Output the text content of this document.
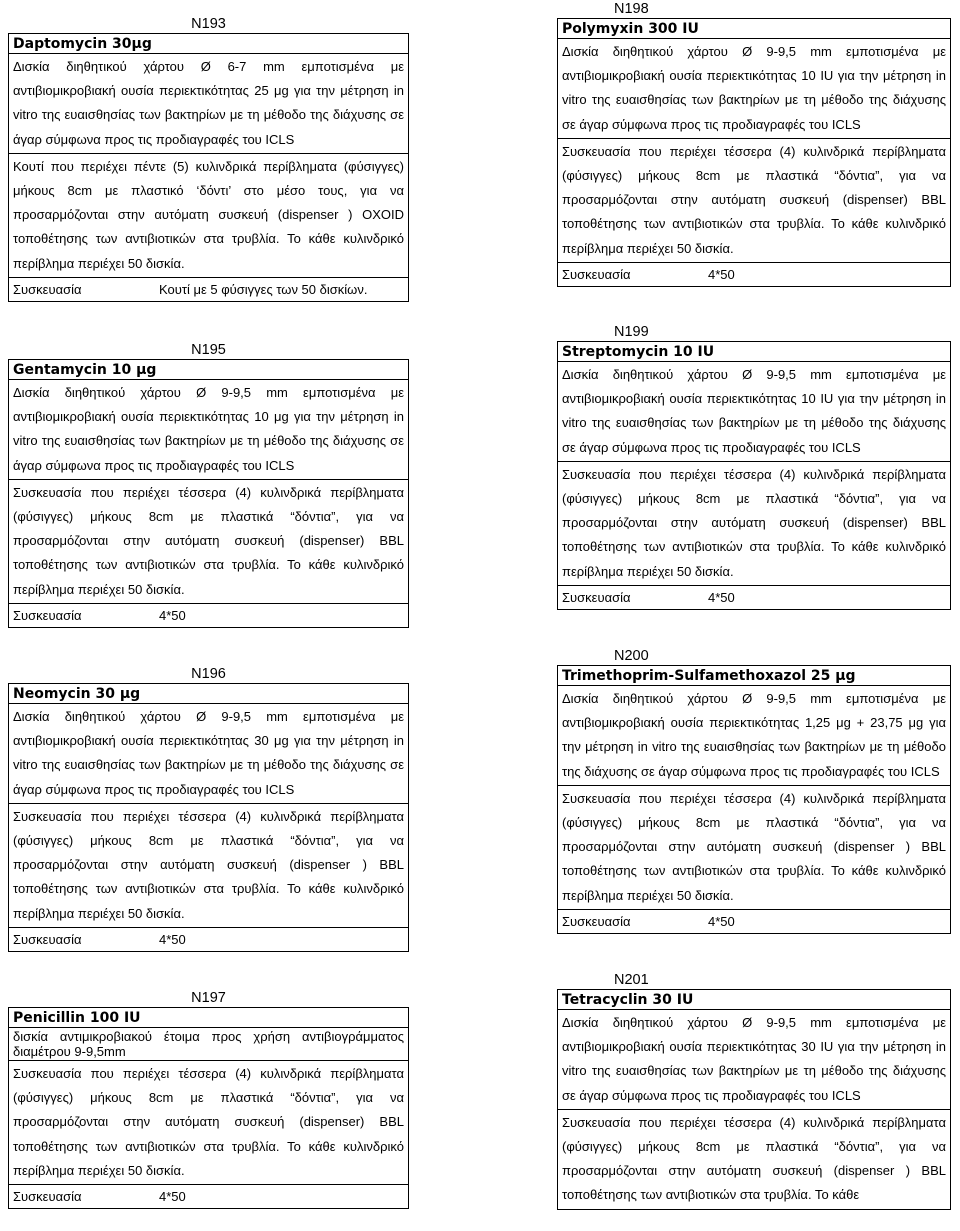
N193
Daptomycin 30μg
Δισκία διηθητικού χάρτου Ø 6-7 mm εμποτισμένα με αντιβιομικροβιακή ουσία περιεκτικότητας 25 μg για την μέτρηση in vitro της ευαισθησίας των βακτηρίων με τη μέθοδο της διάχυσης σε άγαρ σύμφωνα προς τις προδιαγραφές του ICLS
Κουτί που περιέχει πέντε (5) κυλινδρικά περίβληματα (φύσιγγες) μήκους 8cm με πλαστικό ‘δόντι’ στο μέσο τους, για να προσαρμόζονται στην αυτόματη συσκευή (dispenser ) OXOID τοποθέτησης των αντιβιοτικών στα τρυβλία. Το κάθε κυλινδρικό περίβλημα περιέχει 50 δισκία.
Συσκευασία	Κουτί με 5 φύσιγγες των 50 δισκίων.
N195
Gentamycin 10 μg
Δισκία διηθητικού χάρτου Ø 9-9,5 mm εμποτισμένα με αντιβιομικροβιακή ουσία περιεκτικότητας 10 μg για την μέτρηση in vitro της ευαισθησίας των βακτηρίων με τη μέθοδο της διάχυσης σε άγαρ σύμφωνα προς τις προδιαγραφές του ICLS
Συσκευασία που περιέχει τέσσερα (4) κυλινδρικά περίβληματα (φύσιγγες) μήκους 8cm με πλαστικά “δόντια”, για να προσαρμόζονται στην αυτόματη συσκευή (dispenser) BBL τοποθέτησης των αντιβιοτικών στα τρυβλία. Το κάθε κυλινδρικό περίβλημα περιέχει 50 δισκία.
Συσκευασία	4*50
N196
Neomycin 30 μg
Δισκία διηθητικού χάρτου Ø 9-9,5 mm εμποτισμένα με αντιβιομικροβιακή ουσία περιεκτικότητας 30 μg για την μέτρηση in vitro της ευαισθησίας των βακτηρίων με τη μέθοδο της διάχυσης σε άγαρ σύμφωνα προς τις προδιαγραφές του ICLS
Συσκευασία που περιέχει τέσσερα (4) κυλινδρικά περίβληματα (φύσιγγες) μήκους 8cm με πλαστικά “δόντια”, για να προσαρμόζονται στην αυτόματη συσκευή (dispenser ) BBL τοποθέτησης των αντιβιοτικών στα τρυβλία. Το κάθε κυλινδρικό περίβλημα περιέχει 50 δισκία.
Συσκευασία	4*50
N197
Penicillin 100 IU
δισκία αντιμικροβιακού έτοιμα προς χρήση αντιβιογράμματος διαμέτρου 9-9,5mm
Συσκευασία που περιέχει τέσσερα (4) κυλινδρικά περίβληματα (φύσιγγες) μήκους 8cm με πλαστικά “δόντια”, για να προσαρμόζονται στην αυτόματη συσκευή (dispenser) BBL τοποθέτησης των αντιβιοτικών στα τρυβλία. Το κάθε κυλινδρικό περίβλημα περιέχει 50 δισκία.
Συσκευασία	4*50
N198
Polymyxin 300 IU
Δισκία διηθητικού χάρτου Ø 9-9,5 mm εμποτισμένα με αντιβιομικροβιακή ουσία περιεκτικότητας 10 IU για την μέτρηση in vitro της ευαισθησίας των βακτηρίων με τη μέθοδο της διάχυσης σε άγαρ σύμφωνα προς τις προδιαγραφές του ICLS
Συσκευασία που περιέχει τέσσερα (4) κυλινδρικά περίβληματα (φύσιγγες) μήκους 8cm με πλαστικά “δόντια”, για να προσαρμόζονται στην αυτόματη συσκευή (dispenser) BBL τοποθέτησης των αντιβιοτικών στα τρυβλία. Το κάθε κυλινδρικό περίβλημα περιέχει 50 δισκία.
Συσκευασία	4*50
N199
Streptomycin 10 IU
Δισκία διηθητικού χάρτου Ø 9-9,5 mm εμποτισμένα με αντιβιομικροβιακή ουσία περιεκτικότητας 10 IU για την μέτρηση in vitro της ευαισθησίας των βακτηρίων με τη μέθοδο της διάχυσης σε άγαρ σύμφωνα προς τις προδιαγραφές του ICLS
Συσκευασία που περιέχει τέσσερα (4) κυλινδρικά περίβληματα (φύσιγγες) μήκους 8cm με πλαστικά “δόντια”, για να προσαρμόζονται στην αυτόματη συσκευή (dispenser) BBL τοποθέτησης των αντιβιοτικών στα τρυβλία. Το κάθε κυλινδρικό περίβλημα περιέχει 50 δισκία.
Συσκευασία	4*50
N200
Trimethoprim-Sulfamethoxazol 25 μg
Δισκία διηθητικού χάρτου Ø 9-9,5 mm εμποτισμένα με αντιβιομικροβιακή ουσία περιεκτικότητας 1,25 μg + 23,75 μg για την μέτρηση in vitro της ευαισθησίας των βακτηρίων με τη μέθοδο της διάχυσης σε άγαρ σύμφωνα προς τις προδιαγραφές του ICLS
Συσκευασία που περιέχει τέσσερα (4) κυλινδρικά περίβληματα (φύσιγγες) μήκους 8cm με πλαστικά “δόντια”, για να προσαρμόζονται στην αυτόματη συσκευή (dispenser ) BBL τοποθέτησης των αντιβιοτικών στα τρυβλία. Το κάθε κυλινδρικό περίβλημα περιέχει 50 δισκία.
Συσκευασία	4*50
N201
Tetracyclin 30 IU
Δισκία διηθητικού χάρτου Ø 9-9,5 mm εμποτισμένα με αντιβιομικροβιακή ουσία περιεκτικότητας 30 IU για την μέτρηση in vitro της ευαισθησίας των βακτηρίων με τη μέθοδο της διάχυσης σε άγαρ σύμφωνα προς τις προδιαγραφές του ICLS
Συσκευασία που περιέχει τέσσερα (4) κυλινδρικά περίβληματα (φύσιγγες) μήκους 8cm με πλαστικά “δόντια”, για να προσαρμόζονται στην αυτόματη συσκευή (dispenser ) BBL τοποθέτησης των αντιβιοτικών στα τρυβλία. Το κάθε
